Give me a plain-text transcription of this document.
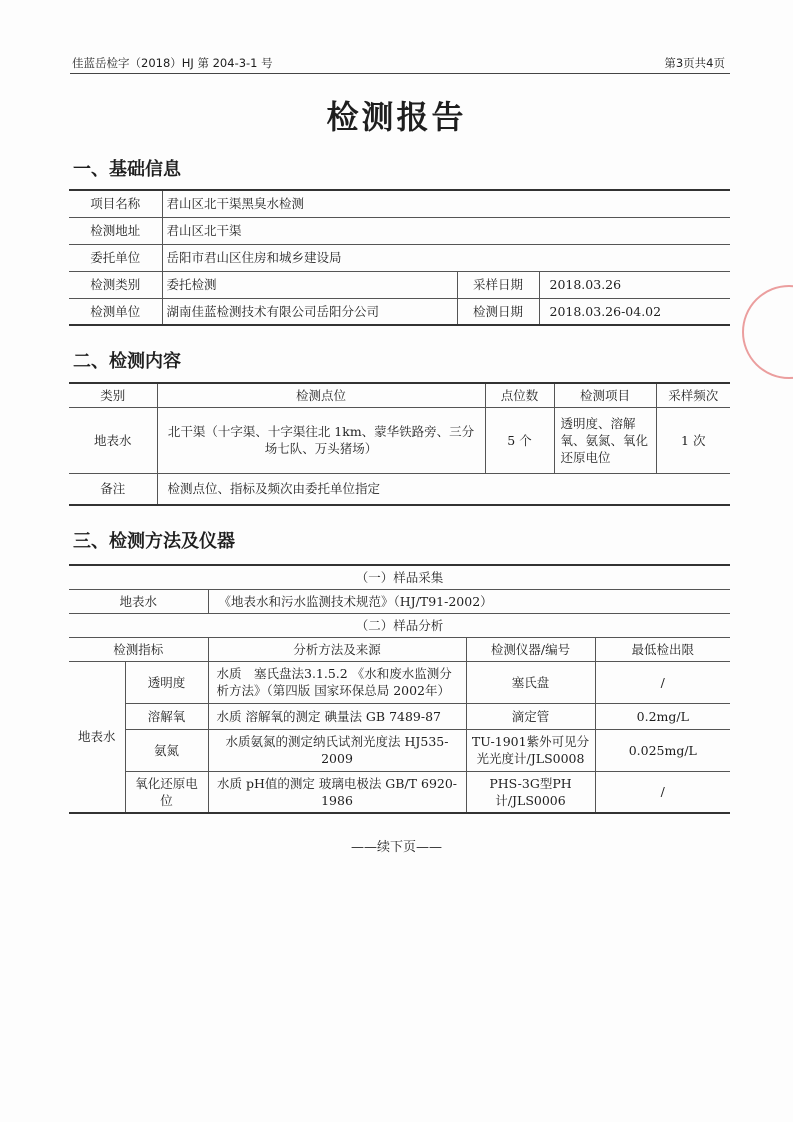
佳蓝岳检字（2018）HJ 第 204-3-1 号	第3页共4页
检测报告
一、基础信息
项目名称	君山区北干渠黑臭水检测		
检测地址	君山区北干渠		
委托单位	岳阳市君山区住房和城乡建设局		
检测类别	委托检测	采样日期	2018.03.26
检测单位	湖南佳蓝检测技术有限公司岳阳分公司	检测日期	2018.03.26-04.02
二、检测内容
类别	检测点位	点位数	检测项目	采样频次
地表水	北干渠（十字渠、十字渠往北 1km、蒙华铁路旁、三分场七队、万头猪场）	5 个	透明度、溶解氧、氨氮、氧化还原电位	1 次
备注	检测点位、指标及频次由委托单位指定			
三、检测方法及仪器
（一）样品采集				
地表水		《地表水和污水监测技术规范》（HJ/T91-2002）		
（二）样品分析				
检测指标		分析方法及来源	检测仪器/编号	最低检出限
地表水	透明度	水质　塞氏盘法3.1.5.2 《水和废水监测分析方法》（第四版 国家环保总局 2002年）	塞氏盘	/
	溶解氧	水质 溶解氧的测定 碘量法 GB 7489-87	滴定管	0.2mg/L
	氨氮	水质氨氮的测定纳氏试剂光度法 HJ535-2009	TU-1901紫外可见分光光度计/JLS0008	0.025mg/L
	氧化还原电位	水质 pH值的测定 玻璃电极法 GB/T 6920-1986	PHS-3G型PH计/JLS0006	/
——续下页——
